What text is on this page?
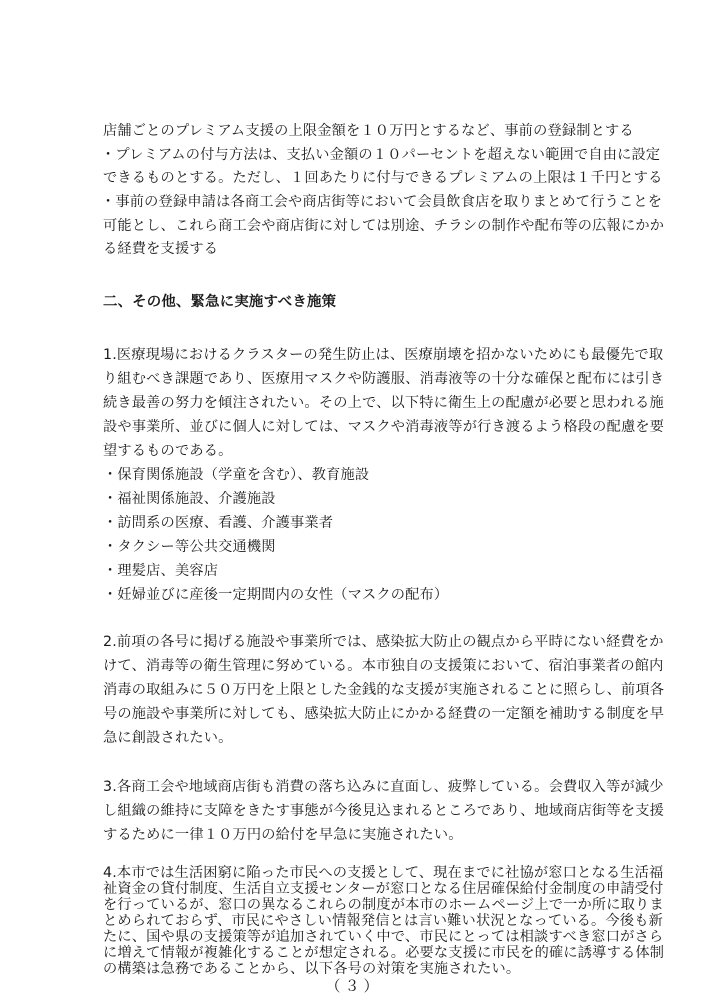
店舗ごとのプレミアム支援の上限金額を１０万円とするなど、事前の登録制とする
・プレミアムの付与方法は、支払い金額の１０パーセントを超えない範囲で自由に設定
できるものとする。ただし、１回あたりに付与できるプレミアムの上限は１千円とする
・事前の登録申請は各商工会や商店街等において会員飲食店を取りまとめて行うことを
可能とし、これら商工会や商店街に対しては別途、チラシの制作や配布等の広報にかか
る経費を支援する
二、その他、緊急に実施すべき施策
1.医療現場におけるクラスターの発生防止は、医療崩壊を招かないためにも最優先で取
り組むべき課題であり、医療用マスクや防護服、消毒液等の十分な確保と配布には引き
続き最善の努力を傾注されたい。その上で、以下特に衛生上の配慮が必要と思われる施
設や事業所、並びに個人に対しては、マスクや消毒液等が行き渡るよう格段の配慮を要
望するものである。
・保育関係施設（学童を含む）、教育施設
・福祉関係施設、介護施設
・訪問系の医療、看護、介護事業者
・タクシー等公共交通機関
・理髪店、美容店
・妊婦並びに産後一定期間内の女性（マスクの配布）
2.前項の各号に掲げる施設や事業所では、感染拡大防止の観点から平時にない経費をか
けて、消毒等の衛生管理に努めている。本市独自の支援策において、宿泊事業者の館内
消毒の取組みに５０万円を上限とした金銭的な支援が実施されることに照らし、前項各
号の施設や事業所に対しても、感染拡大防止にかかる経費の一定額を補助する制度を早
急に創設されたい。
3.各商工会や地域商店街も消費の落ち込みに直面し、疲弊している。会費収入等が減少
し組織の維持に支障をきたす事態が今後見込まれるところであり、地域商店街等を支援
するために一律１０万円の給付を早急に実施されたい。
4.本市では生活困窮に陥った市民への支援として、現在までに社協が窓口となる生活福
祉資金の貸付制度、生活自立支援センターが窓口となる住居確保給付金制度の申請受付
を行っているが、窓口の異なるこれらの制度が本市のホームページ上で一か所に取りま
とめられておらず、市民にやさしい情報発信とは言い難い状況となっている。今後も新
たに、国や県の支援策等が追加されていく中で、市民にとっては相談すべき窓口がさら
に増えて情報が複雑化することが想定される。必要な支援に市民を的確に誘導する体制
の構築は急務であることから、以下各号の対策を実施されたい。
（３）
